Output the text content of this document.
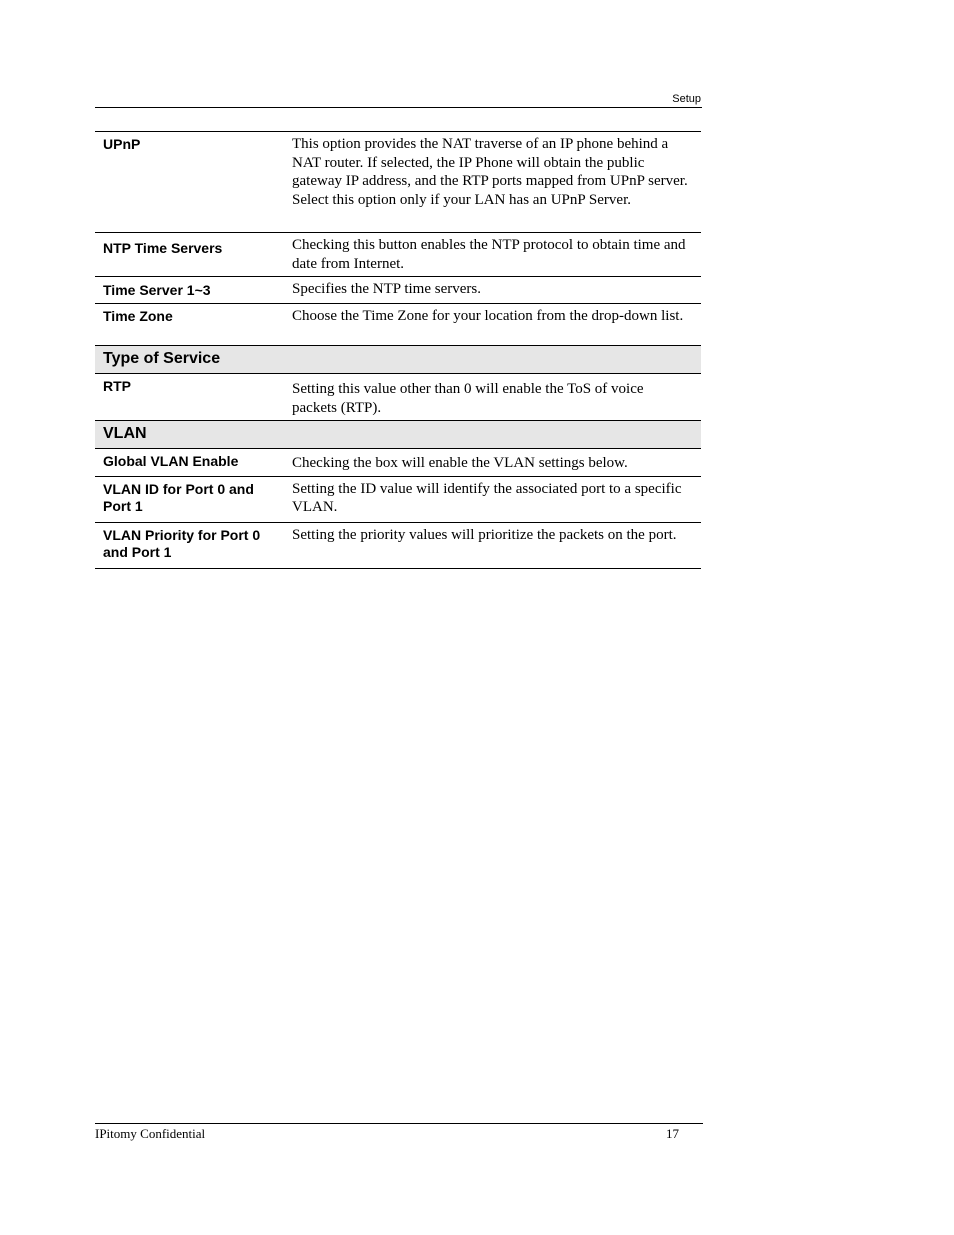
Setup
UPnP	This option provides the NAT traverse of an IP phone behind a NAT router. If selected, the IP Phone will obtain the public gateway IP address, and the RTP ports mapped from UPnP server. Select this option only if your LAN has an UPnP Server.
NTP Time Servers	Checking this button enables the NTP protocol to obtain time and date from Internet.
Time Server 1~3	Specifies the NTP time servers.
Time Zone	Choose the Time Zone for your location from the drop-down list.
Type of Service	
RTP	Setting this value other than 0 will enable the ToS of voice packets (RTP).
VLAN	
Global VLAN Enable	Checking the box will enable the VLAN settings below.
VLAN ID for Port 0 and Port 1	Setting the ID value will identify the associated port to a specific VLAN.
VLAN Priority for Port 0 and Port 1	Setting the priority values will prioritize the packets on the port.
IPitomy Confidential	17
